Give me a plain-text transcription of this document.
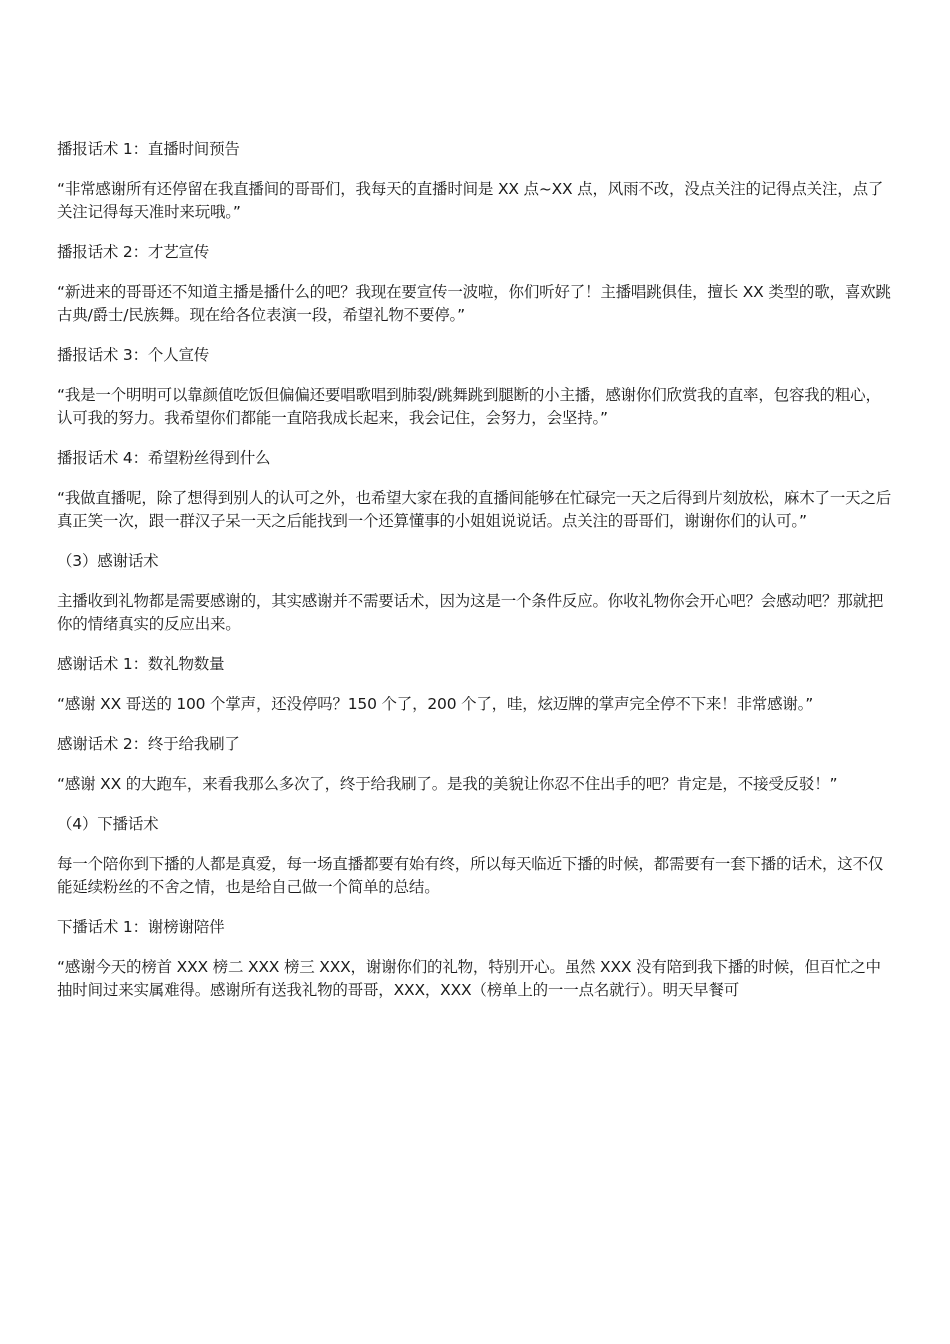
播报话术 1：直播时间预告

“非常感谢所有还停留在我直播间的哥哥们，我每天的直播时间是 XX 点~XX 点，风雨不改，没点关注的记得点关注，点了关注记得每天准时来玩哦。”

播报话术 2：才艺宣传

“新进来的哥哥还不知道主播是播什么的吧？我现在要宣传一波啦，你们听好了！主播唱跳俱佳，擅长 XX 类型的歌，喜欢跳古典/爵士/民族舞。现在给各位表演一段，希望礼物不要停。”

播报话术 3：个人宣传

“我是一个明明可以靠颜值吃饭但偏偏还要唱歌唱到肺裂/跳舞跳到腿断的小主播，感谢你们欣赏我的直率，包容我的粗心，认可我的努力。我希望你们都能一直陪我成长起来，我会记住，会努力，会坚持。”

播报话术 4：希望粉丝得到什么

“我做直播呢，除了想得到别人的认可之外，也希望大家在我的直播间能够在忙碌完一天之后得到片刻放松，麻木了一天之后真正笑一次，跟一群汉子呆一天之后能找到一个还算懂事的小姐姐说说话。点关注的哥哥们，谢谢你们的认可。”

（3）感谢话术

主播收到礼物都是需要感谢的，其实感谢并不需要话术，因为这是一个条件反应。你收礼物你会开心吧？会感动吧？那就把你的情绪真实的反应出来。

感谢话术 1：数礼物数量

“感谢 XX 哥送的 100 个掌声，还没停吗？150 个了，200 个了，哇，炫迈牌的掌声完全停不下来！非常感谢。”

感谢话术 2：终于给我刷了

“感谢 XX 的大跑车，来看我那么多次了，终于给我刷了。是我的美貌让你忍不住出手的吧？肯定是，不接受反驳！”

（4）下播话术

每一个陪你到下播的人都是真爱，每一场直播都要有始有终，所以每天临近下播的时候，都需要有一套下播的话术，这不仅能延续粉丝的不舍之情，也是给自己做一个简单的总结。

下播话术 1：谢榜谢陪伴

“感谢今天的榜首 XXX 榜二 XXX 榜三 XXX，谢谢你们的礼物，特别开心。虽然 XXX 没有陪到我下播的时候，但百忙之中抽时间过来实属难得。感谢所有送我礼物的哥哥，XXX，XXX（榜单上的一一点名就行）。明天早餐可
